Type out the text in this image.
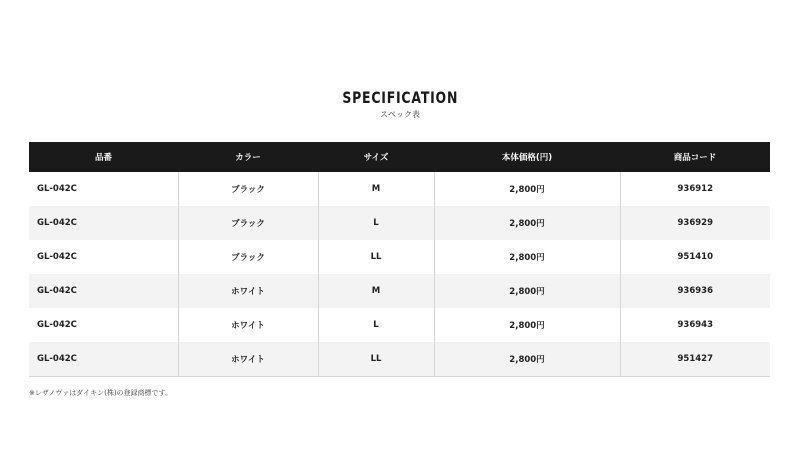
SPECIFICATION
スペック表
品番	カラー	サイズ	本体価格(円)	商品コード
GL-042C	ブラック	M	2,800円	936912
GL-042C	ブラック	L	2,800円	936929
GL-042C	ブラック	LL	2,800円	951410
GL-042C	ホワイト	M	2,800円	936936
GL-042C	ホワイト	L	2,800円	936943
GL-042C	ホワイト	LL	2,800円	951427
※レザノヴァはダイキン(株)の登録商標です。
